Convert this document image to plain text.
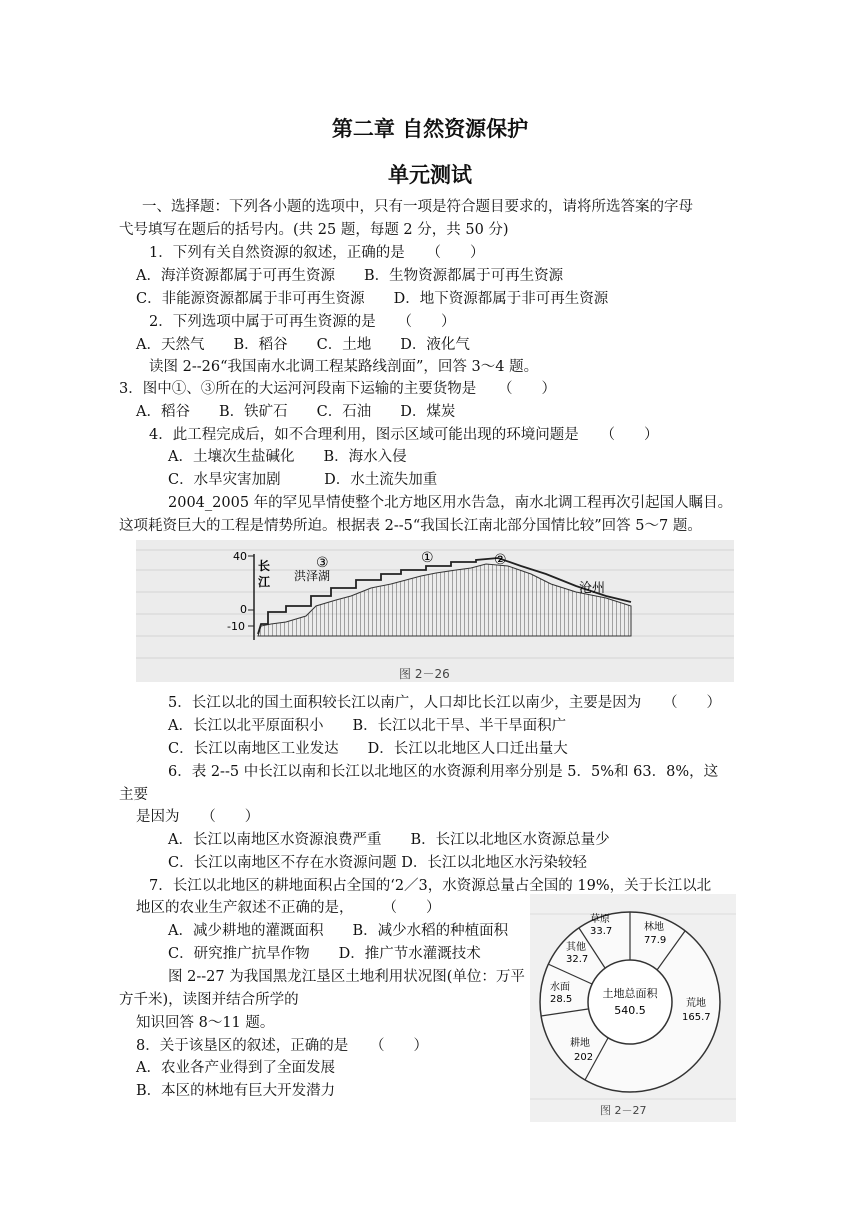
第二章 自然资源保护
单元测试
一、选择题：下列各小题的选项中，只有一项是符合题目要求的，请将所选答案的字母
弋号填写在题后的括号内。(共 25 题，每题 2 分，共 50 分)
1．下列有关自然资源的叙述，正确的是　　（　　）
A．海洋资源都属于可再生资源　　B．生物资源都属于可再生资源
C．非能源资源都属于非可再生资源　　D．地下资源都属于非可再生资源
2．下列选项中属于可再生资源的是　　（　　）
A．天然气　　B．稻谷　　C．土地　　D．液化气
读图 2--26“我国南水北调工程某路线剖面”，回答 3～4 题。
3．图中①、③所在的大运河河段南下运输的主要货物是　　（　　）
A．稻谷　　B．铁矿石　　C．石油　　D．煤炭
4．此工程完成后，如不合理利用，图示区域可能出现的环境问题是　　（　　）
A．土壤次生盐碱化　　B．海水入侵
C．水旱灾害加剧　　　D．水土流失加重
2004_2005 年的罕见旱情使整个北方地区用水告急，南水北调工程再次引起国人瞩目。
这项耗资巨大的工程是情势所迫。根据表 2--5“我国长江南北部分国情比较”回答 5～7 题。
40
0
-10
长
江 洪泽湖
沧州
③	①	②
图 2－26
5．长江以北的国土面积较长江以南广，人口却比长江以南少，主要是因为　　（　　）
A．长江以北平原面积小　　B．长江以北干旱、半干旱面积广
C．长江以南地区工业发达　　D．长江以北地区人口迁出量大
6．表 2--5 中长江以南和长江以北地区的水资源利用率分别是 5．5%和 63．8%，这
主要
是因为　　（　　）
A．长江以南地区水资源浪费严重　　B．长江以北地区水资源总量少
C．长江以南地区不存在水资源问题 D．长江以北地区水污染较轻
7．长江以北地区的耕地面积占全国的‘2／3，水资源总量占全国的 19%，关于长江以北
地区的农业生产叙述不正确的是，　　　（　　）
A．减少耕地的灌溉面积　　B．减少水稻的种植面积
C．研究推广抗旱作物　　D．推广节水灌溉技术
图 2--27 为我国黑龙江垦区土地利用状况图(单位：万平
方千米)，读图并结合所学的
知识回答 8～11 题。
8．关于该垦区的叙述，正确的是　　（　　）
A．农业各产业得到了全面发展
B．本区的林地有巨大开发潜力
土地总面积
540.5
林地
77.9
荒地
165.7
耕地
202
水面
28.5
其他
32.7
草原
33.7
图 2－27
